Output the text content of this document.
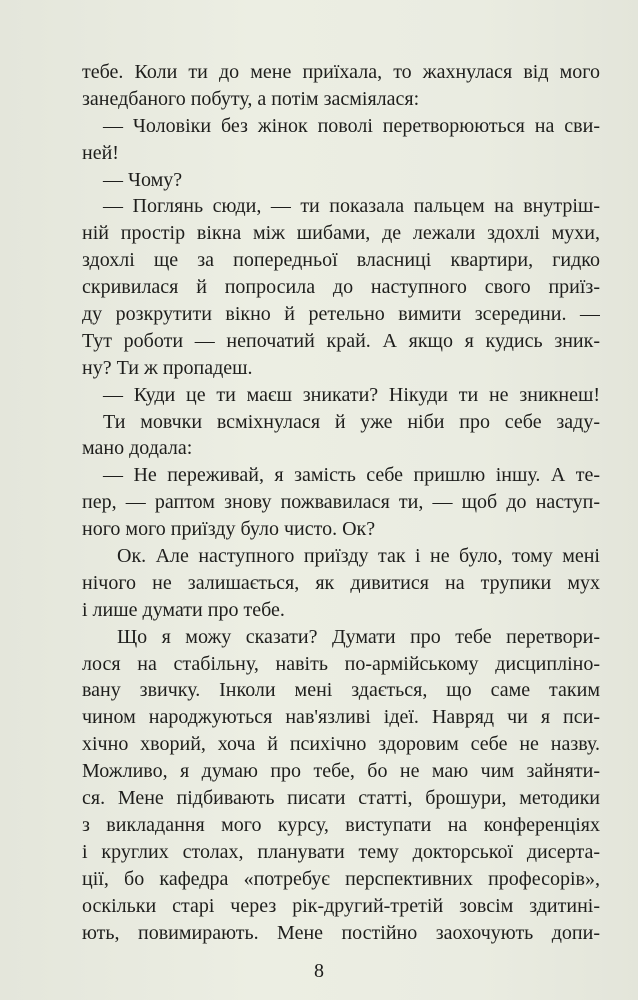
тебе. Коли ти до мене приїхала, то жахнулася від мого
занедбаного побуту, а потім засміялася:
— Чоловіки без жінок поволі перетворюються на сви-
ней!
— Чому?
— Поглянь сюди, — ти показала пальцем на внутріш-
ній простір вікна між шибами, де лежали здохлі мухи,
здохлі ще за попередньої власниці квартири, гидко
скривилася й попросила до наступного свого приїз-
ду розкрутити вікно й ретельно вимити зсередини. —
Тут роботи — непочатий край. А якщо я кудись зник-
ну? Ти ж пропадеш.
— Куди це ти маєш зникати? Нікуди ти не зникнеш!
Ти мовчки всміхнулася й уже ніби про себе заду-
мано додала:
— Не переживай, я замість себе пришлю іншу. А те-
пер, — раптом знову пожвавилася ти, — щоб до наступ-
ного мого приїзду було чисто. Ок?
Ок. Але наступного приїзду так і не було, тому мені
нічого не залишається, як дивитися на трупики мух
і лише думати про тебе.
Що я можу сказати? Думати про тебе перетвори-
лося на стабільну, навіть по-армійському дисципліно-
вану звичку. Інколи мені здається, що саме таким
чином народжуються нав'язливі ідеї. Навряд чи я пси-
хічно хворий, хоча й психічно здоровим себе не назву.
Можливо, я думаю про тебе, бо не маю чим зайняти-
ся. Мене підбивають писати статті, брошури, методики
з викладання мого курсу, виступати на конференціях
і круглих столах, планувати тему докторської дисерта-
ції, бо кафедра «потребує перспективних професорів»,
оскільки старі через рік-другий-третій зовсім здитині-
ють, повимирають. Мене постійно заохочують допи-
8
